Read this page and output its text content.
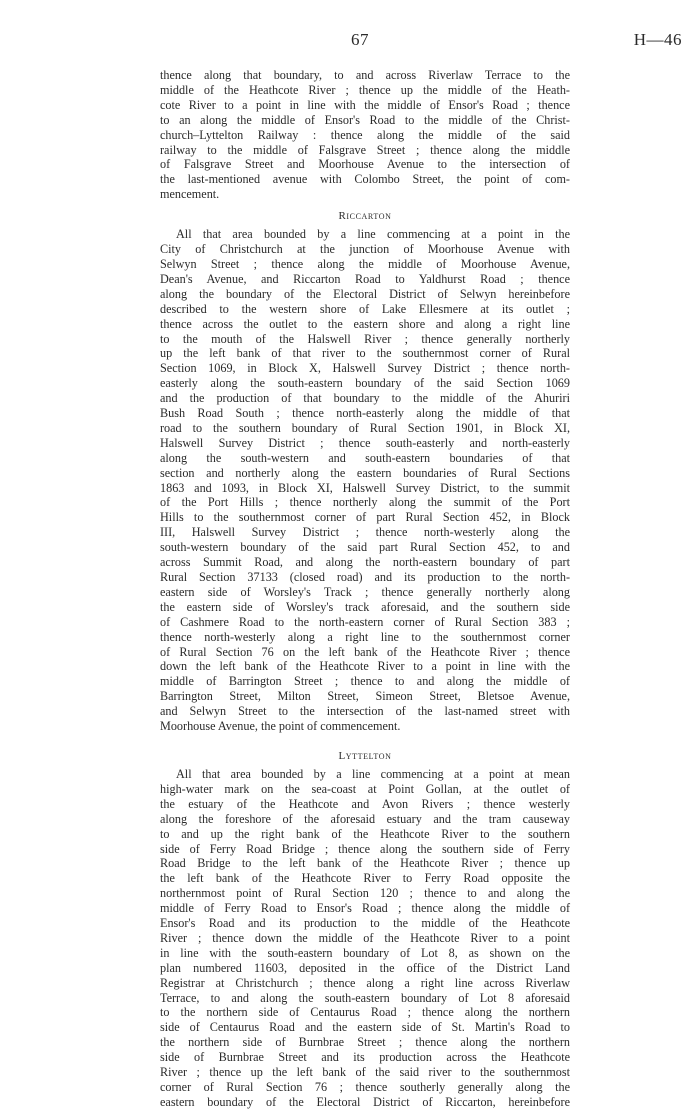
67	H—46
thence along that boundary, to and across Riverlaw Terrace to the
middle of the Heathcote River ; thence up the middle of the Heath-
cote River to a point in line with the middle of Ensor's Road ; thence
to an along the middle of Ensor's Road to the middle of the Christ-
church–Lyttelton Railway : thence along the middle of the said
railway to the middle of Falsgrave Street ; thence along the middle
of Falsgrave Street and Moorhouse Avenue to the intersection of
the last-mentioned avenue with Colombo Street, the point of com-
mencement.
Riccarton
All that area bounded by a line commencing at a point in the
City of Christchurch at the junction of Moorhouse Avenue with
Selwyn Street ; thence along the middle of Moorhouse Avenue,
Dean's Avenue, and Riccarton Road to Yaldhurst Road ; thence
along the boundary of the Electoral District of Selwyn hereinbefore
described to the western shore of Lake Ellesmere at its outlet ;
thence across the outlet to the eastern shore and along a right line
to the mouth of the Halswell River ; thence generally northerly
up the left bank of that river to the southernmost corner of Rural
Section 1069, in Block X, Halswell Survey District ; thence north-
easterly along the south-eastern boundary of the said Section 1069
and the production of that boundary to the middle of the Ahuriri
Bush Road South ; thence north-easterly along the middle of that
road to the southern boundary of Rural Section 1901, in Block XI,
Halswell Survey District ; thence south-easterly and north-easterly
along the south-western and south-eastern boundaries of that
section and northerly along the eastern boundaries of Rural Sections
1863 and 1093, in Block XI, Halswell Survey District, to the summit
of the Port Hills ; thence northerly along the summit of the Port
Hills to the southernmost corner of part Rural Section 452, in Block
III, Halswell Survey District ; thence north-westerly along the
south-western boundary of the said part Rural Section 452, to and
across Summit Road, and along the north-eastern boundary of part
Rural Section 37133 (closed road) and its production to the north-
eastern side of Worsley's Track ; thence generally northerly along
the eastern side of Worsley's track aforesaid, and the southern side
of Cashmere Road to the north-eastern corner of Rural Section 383 ;
thence north-westerly along a right line to the southernmost corner
of Rural Section 76 on the left bank of the Heathcote River ; thence
down the left bank of the Heathcote River to a point in line with the
middle of Barrington Street ; thence to and along the middle of
Barrington Street, Milton Street, Simeon Street, Bletsoe Avenue,
and Selwyn Street to the intersection of the last-named street with
Moorhouse Avenue, the point of commencement.
Lyttelton
All that area bounded by a line commencing at a point at mean
high-water mark on the sea-coast at Point Gollan, at the outlet of
the estuary of the Heathcote and Avon Rivers ; thence westerly
along the foreshore of the aforesaid estuary and the tram causeway
to and up the right bank of the Heathcote River to the southern
side of Ferry Road Bridge ; thence along the southern side of Ferry
Road Bridge to the left bank of the Heathcote River ; thence up
the left bank of the Heathcote River to Ferry Road opposite the
northernmost point of Rural Section 120 ; thence to and along the
middle of Ferry Road to Ensor's Road ; thence along the middle of
Ensor's Road and its production to the middle of the Heathcote
River ; thence down the middle of the Heathcote River to a point
in line with the south-eastern boundary of Lot 8, as shown on the
plan numbered 11603, deposited in the office of the District Land
Registrar at Christchurch ; thence along a right line across Riverlaw
Terrace, to and along the south-eastern boundary of Lot 8 aforesaid
to the northern side of Centaurus Road ; thence along the northern
side of Centaurus Road and the eastern side of St. Martin's Road to
the northern side of Burnbrae Street ; thence along the northern
side of Burnbrae Street and its production across the Heathcote
River ; thence up the left bank of the said river to the southernmost
corner of Rural Section 76 ; thence southerly generally along the
eastern boundary of the Electoral District of Riccarton, hereinbefore
